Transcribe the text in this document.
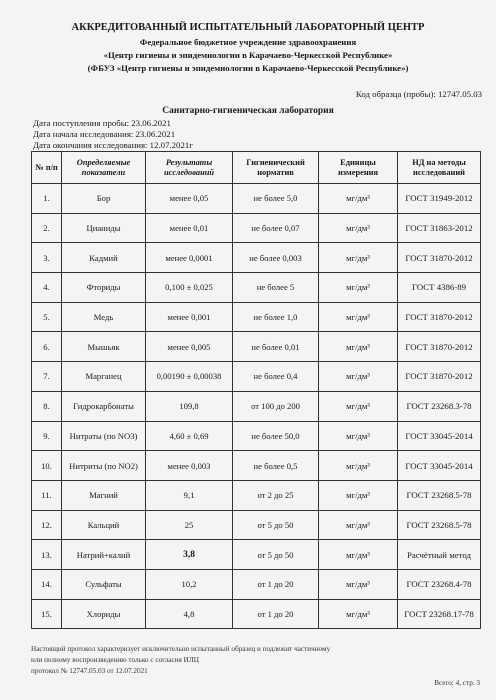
АККРЕДИТОВАННЫЙ ИСПЫТАТЕЛЬНЫЙ ЛАБОРАТОРНЫЙ ЦЕНТР
Федеральное бюджетное учреждение здравоохранения
«Центр гигиены и эпидемиологии в Карачаево-Черкесской Республике»
(ФБУЗ «Центр гигиены и эпидемиологии в Карачаево-Черкесской Республике»)
Код образца (пробы): 12747.05.03
Санитарно-гигиеническая лаборатория
Дата поступления пробы: 23.06.2021
Дата начала исследования: 23.06.2021
Дата окончания исследования: 12.07.2021г
№ п/п	Определяемые показатели	Результаты исследований	Гигиенический норматив	Единицы измерения	НД на методы исследований
1.	Бор	менее 0,05	не более 5,0	мг/дм³	ГОСТ 31949-2012
2.	Цианиды	менее 0,01	не более 0,07	мг/дм³	ГОСТ 31863-2012
3.	Кадмий	менее 0,0001	не более 0,003	мг/дм³	ГОСТ 31870-2012
4.	Фториды	0,100 ± 0,025	не более 5	мг/дм³	ГОСТ 4386-89
5.	Медь	менее 0,001	не более 1,0	мг/дм³	ГОСТ 31870-2012
6.	Мышьяк	менее 0,005	не более 0,01	мг/дм³	ГОСТ 31870-2012
7.	Марганец	0,00190 ± 0,00038	не более 0,4	мг/дм³	ГОСТ 31870-2012
8.	Гидрокарбонаты	109,8	от 100 до 200	мг/дм³	ГОСТ 23268.3-78
9.	Нитраты (по NO3)	4,60 ± 0,69	не более 50,0	мг/дм³	ГОСТ 33045-2014
10.	Нитриты (по NO2)	менее 0,003	не более 0,5	мг/дм³	ГОСТ 33045-2014
11.	Магний	9,1	от 2 до 25	мг/дм³	ГОСТ 23268.5-78
12.	Кальций	25	от 5 до 50	мг/дм³	ГОСТ 23268.5-78
13.	Натрий+калий	3,8	от 5 до 50	мг/дм³	Расчётный метод
14.	Сульфаты	10,2	от 1 до 20	мг/дм³	ГОСТ 23268.4-78
15.	Хлориды	4,8	от 1 до 20	мг/дм³	ГОСТ 23268.17-78
Настоящий протокол характеризует исключительно испытанный образец и подлежит частичному
или полному воспроизведению только с согласия ИЛЦ
протокол № 12747.05.03 от 12.07.2021
Всего: 4, стр. 3
